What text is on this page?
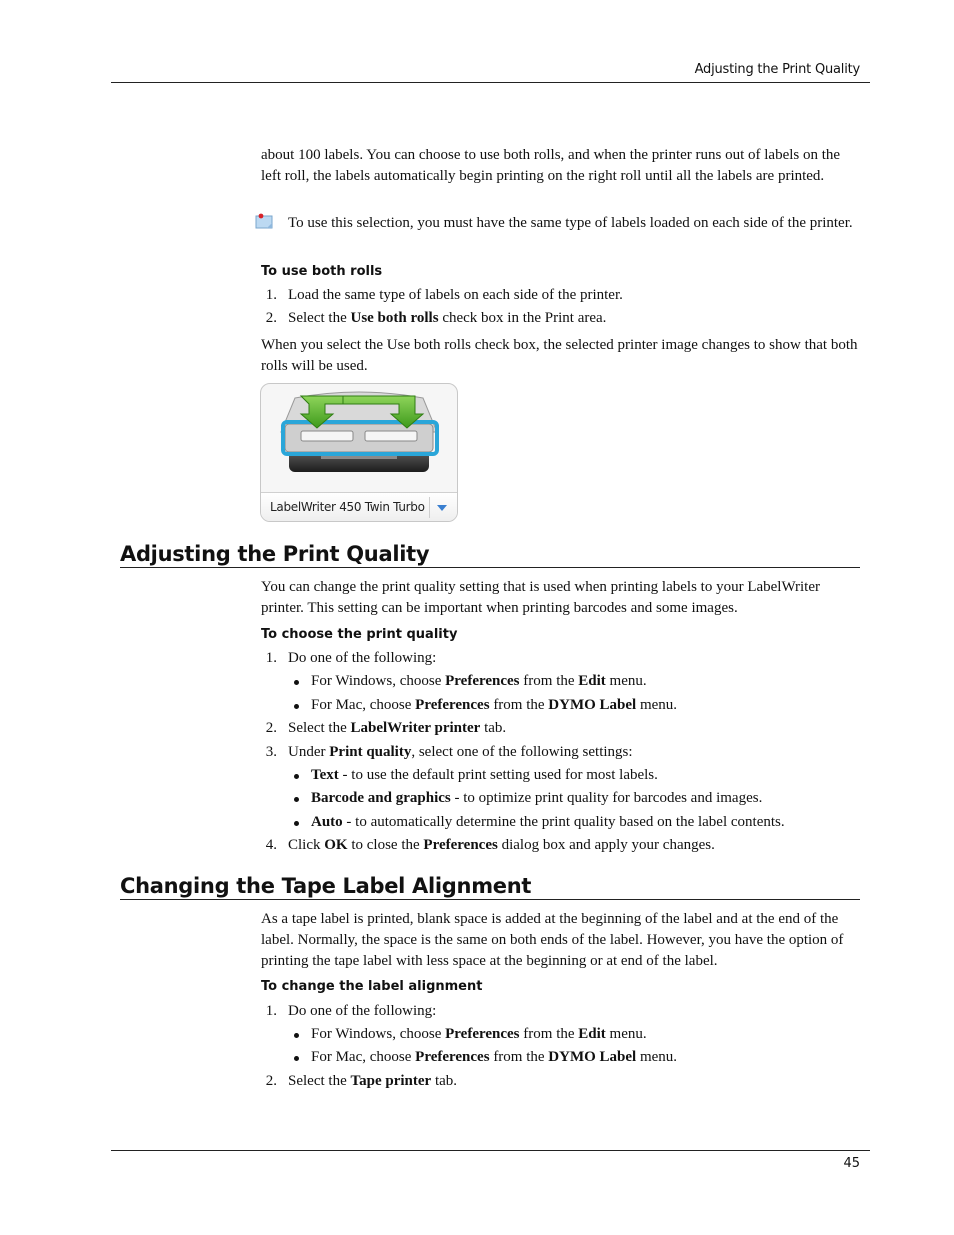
Adjusting the Print Quality
45

about 100 labels. You can choose to use both rolls, and when the printer runs out of labels on the left roll, the labels automatically begin printing on the right roll until all the labels are printed.

To use this selection, you must have the same type of labels loaded on each side of the printer.
To use both rolls
1. Load the same type of labels on each side of the printer.
2. Select the Use both rolls check box in the Print area.

When you select the Use both rolls check box, the selected printer image changes to show that both rolls will be used.

LabelWriter 450 Twin Turbo
Adjusting the Print Quality

You can change the print quality setting that is used when printing labels to your LabelWriter printer. This setting can be important when printing barcodes and some images.

To choose the print quality
1. Do one of the following:
For Windows, choose Preferences from the Edit menu.
For Mac, choose Preferences from the DYMO Label menu.
2. Select the LabelWriter printer tab.
3. Under Print quality, select one of the following settings:
Text - to use the default print setting used for most labels.
Barcode and graphics - to optimize print quality for barcodes and images.
Auto - to automatically determine the print quality based on the label contents.
4. Click OK to close the Preferences dialog box and apply your changes.
Changing the Tape Label Alignment

As a tape label is printed, blank space is added at the beginning of the label and at the end of the label. Normally, the space is the same on both ends of the label. However, you have the option of printing the tape label with less space at the beginning or at end of the label.

To change the label alignment
1. Do one of the following:
For Windows, choose Preferences from the Edit menu.
For Mac, choose Preferences from the DYMO Label menu.
2. Select the Tape printer tab.
